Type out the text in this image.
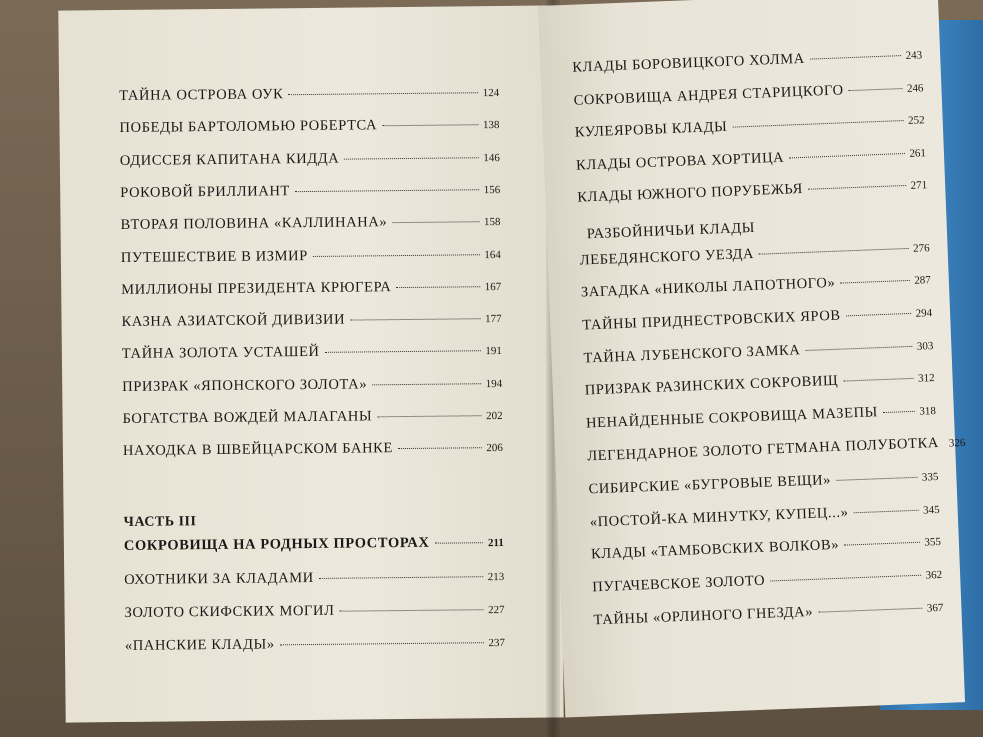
ТАЙНА ОСТРОВА ОУК	124
ПОБЕДЫ БАРТОЛОМЬЮ РОБЕРТСА	138
ОДИССЕЯ КАПИТАНА КИДДА	146
РОКОВОЙ БРИЛЛИАНТ	156
ВТОРАЯ ПОЛОВИНА «КАЛЛИНАНА»	158
ПУТЕШЕСТВИЕ В ИЗМИР	164
МИЛЛИОНЫ ПРЕЗИДЕНТА КРЮГЕРА	167
КАЗНА АЗИАТСКОЙ ДИВИЗИИ	177
ТАЙНА ЗОЛОТА УСТАШЕЙ	191
ПРИЗРАК «ЯПОНСКОГО ЗОЛОТА»	194
БОГАТСТВА ВОЖДЕЙ МАЛАГАНЫ	202
НАХОДКА В ШВЕЙЦАРСКОМ БАНКЕ	206
ЧАСТЬ III
СОКРОВИЩА НА РОДНЫХ ПРОСТОРАХ	211
ОХОТНИКИ ЗА КЛАДАМИ	213
ЗОЛОТО СКИФСКИХ МОГИЛ	227
«ПАНСКИЕ КЛАДЫ»	237
КЛАДЫ БОРОВИЦКОГО ХОЛМА	243
СОКРОВИЩА АНДРЕЯ СТАРИЦКОГО	246
КУЛЕЯРОВЫ КЛАДЫ	252
КЛАДЫ ОСТРОВА ХОРТИЦА	261
КЛАДЫ ЮЖНОГО ПОРУБЕЖЬЯ	271
РАЗБОЙНИЧЬИ КЛАДЫ
ЛЕБЕДЯНСКОГО УЕЗДА	276
ЗАГАДКА «НИКОЛЫ ЛАПОТНОГО»	287
ТАЙНЫ ПРИДНЕСТРОВСКИХ ЯРОВ	294
ТАЙНА ЛУБЕНСКОГО ЗАМКА	303
ПРИЗРАК РАЗИНСКИХ СОКРОВИЩ	312
НЕНАЙДЕННЫЕ СОКРОВИЩА МАЗЕПЫ	318
ЛЕГЕНДАРНОЕ ЗОЛОТО ГЕТМАНА ПОЛУБОТКА 326
СИБИРСКИЕ «БУГРОВЫЕ ВЕЩИ»	335
«ПОСТОЙ-КА МИНУТКУ, КУПЕЦ...»	345
КЛАДЫ «ТАМБОВСКИХ ВОЛКОВ»	355
ПУГАЧЕВСКОЕ ЗОЛОТО	362
ТАЙНЫ «ОРЛИНОГО ГНЕЗДА»	367
